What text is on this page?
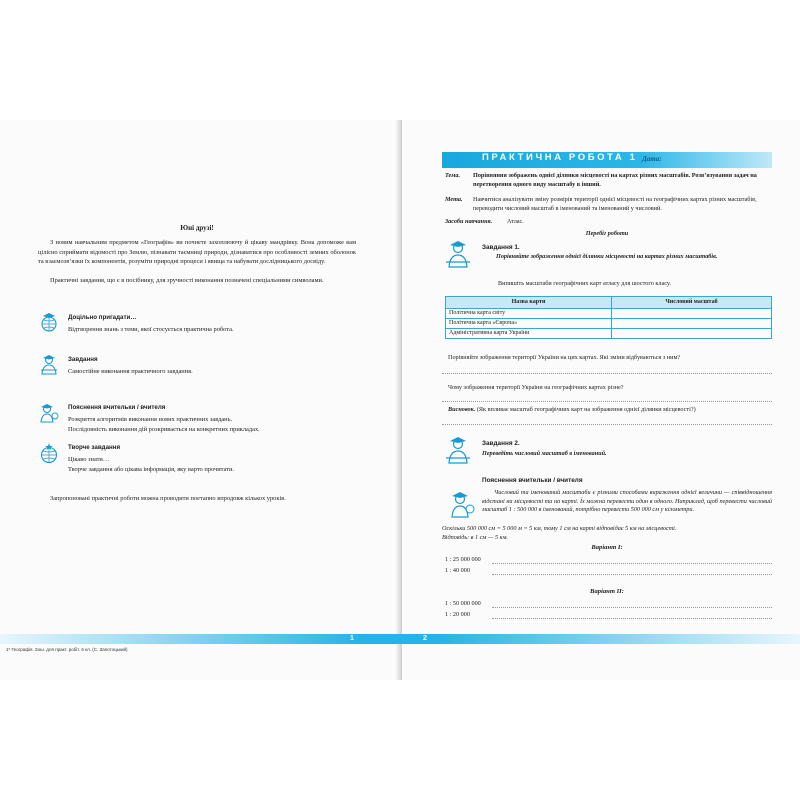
Юні друзі!
З новим навчальним предметом «Географія» ви почнете захоплюючу й цікаву мандрівку. Вона допоможе вам цілісно сприймати відомості про Землю, пізнавати таємниці природи, дізнаватися про особливості земних оболонок та взаємозв’язки їх компонентів, розуміти природні процеси і явища та набувати дослідницького досвіду.
Практичні завдання, що є в посібнику, для зручності виконання позначені спеціальними символами.
Доцільно пригадати…
Відтворення знань з теми, якої стосується практична робота.
Завдання
Самостійне виконання практичного завдання.
Пояснення вчительки / вчителя
Розкриття алгоритмів виконання нових практичних завдань.
Послідовність виконання дій розкривається на конкретних прикладах.
Творче завдання
Цікаво знати…
Творче завдання або цікава інформація, яку варто прочитати.
Запропоновані практичні роботи можна проводити поетапно впродовж кількох уроків.
ПРАКТИЧНА РОБОТА 1 Дата:
Тема. Порівняння зображень однієї ділянки місцевості на картах різних масштабів. Розв’язування задач на перетворення одного виду масштабу в інший.
Мета. Навчитися аналізувати зміну розмірів території однієї місцевості на географічних картах різних масштабів, переводити числовий масштаб в іменований та іменований у числовий.
Засоби навчання. Атлас.
Перебіг роботи
Завдання 1.
Порівняйте зображення однієї ділянки місцевості на картах різних масштабів.
Випишіть масштаби географічних карт атласу для шостого класу.
Назва карти	Числовий масштаб
Політична карта світу	
Політична карта «Європа»	
Адміністративна карта України	
Порівняйте зображення території України на цих картах. Які зміни відбуваються з ним?
Чому зображення території України на географічних картах різне?
Висновок. (Як впливає масштаб географічних карт на зображення однієї ділянки місцевості?)
Завдання 2.
Переведіть числовий масштаб в іменований.
Пояснення вчительки / вчителя
Числовий та іменований масштаби є різними способами вираження однієї величини — співвідношення відстані на місцевості та на карті. Їх можна перевести один в одного. Наприклад, щоб перевести числовий масштаб 1 : 500 000 в іменований, потрібно перевести 500 000 см у кілометри.
Оскільки 500 000 см = 5 000 м = 5 км, тому 1 см на карті відповідає 5 км на місцевості.
Відповідь: в 1 см — 5 км.
Варіант І:
1 : 25 000 000
1 : 40 000
Варіант ІІ:
1 : 50 000 000
1 : 20 000
1	2
1* Географія. Зош. для практ. робіт. 6 кл. (С. Запотоцький)
